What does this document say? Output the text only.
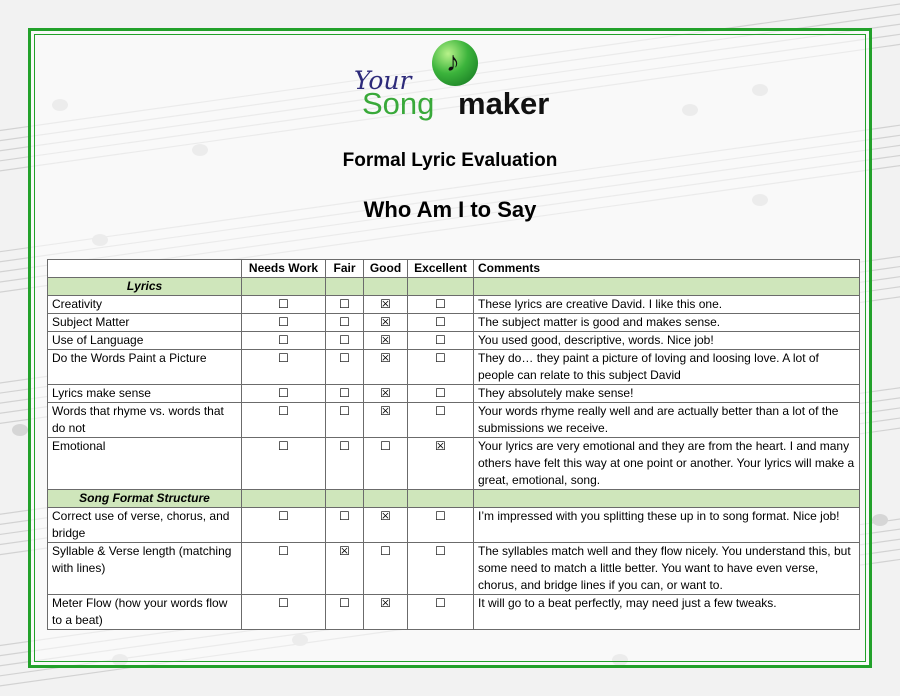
Your
♪
Song maker
Formal Lyric Evaluation
Who Am I to Say
	Needs Work	Fair	Good	Excellent	Comments
Lyrics					
Creativity	☐	☐	☒	☐	These lyrics are creative David. I like this one.
Subject Matter	☐	☐	☒	☐	The subject matter is good and makes sense.
Use of Language	☐	☐	☒	☐	You used good, descriptive, words. Nice job!
Do the Words Paint a Picture	☐	☐	☒	☐	They do… they paint a picture of loving and loosing love. A lot of people can relate to this subject David
Lyrics make sense	☐	☐	☒	☐	They absolutely make sense!
Words that rhyme vs. words that do not	☐	☐	☒	☐	Your words rhyme really well and are actually better than a lot of the submissions we receive.
Emotional	☐	☐	☐	☒	Your lyrics are very emotional and they are from the heart. I and many others have felt this way at one point or another. Your lyrics will make a great, emotional, song.
Song Format Structure					
Correct use of verse, chorus, and bridge	☐	☐	☒	☐	I’m impressed with you splitting these up in to song format. Nice job!
Syllable & Verse length (matching with lines)	☐	☒	☐	☐	The syllables match well and they flow nicely. You understand this, but some need to match a little better. You want to have even verse, chorus, and bridge lines if you can, or want to.
Meter Flow (how your words flow to a beat)	☐	☐	☒	☐	It will go to a beat perfectly, may need just a few tweaks.
